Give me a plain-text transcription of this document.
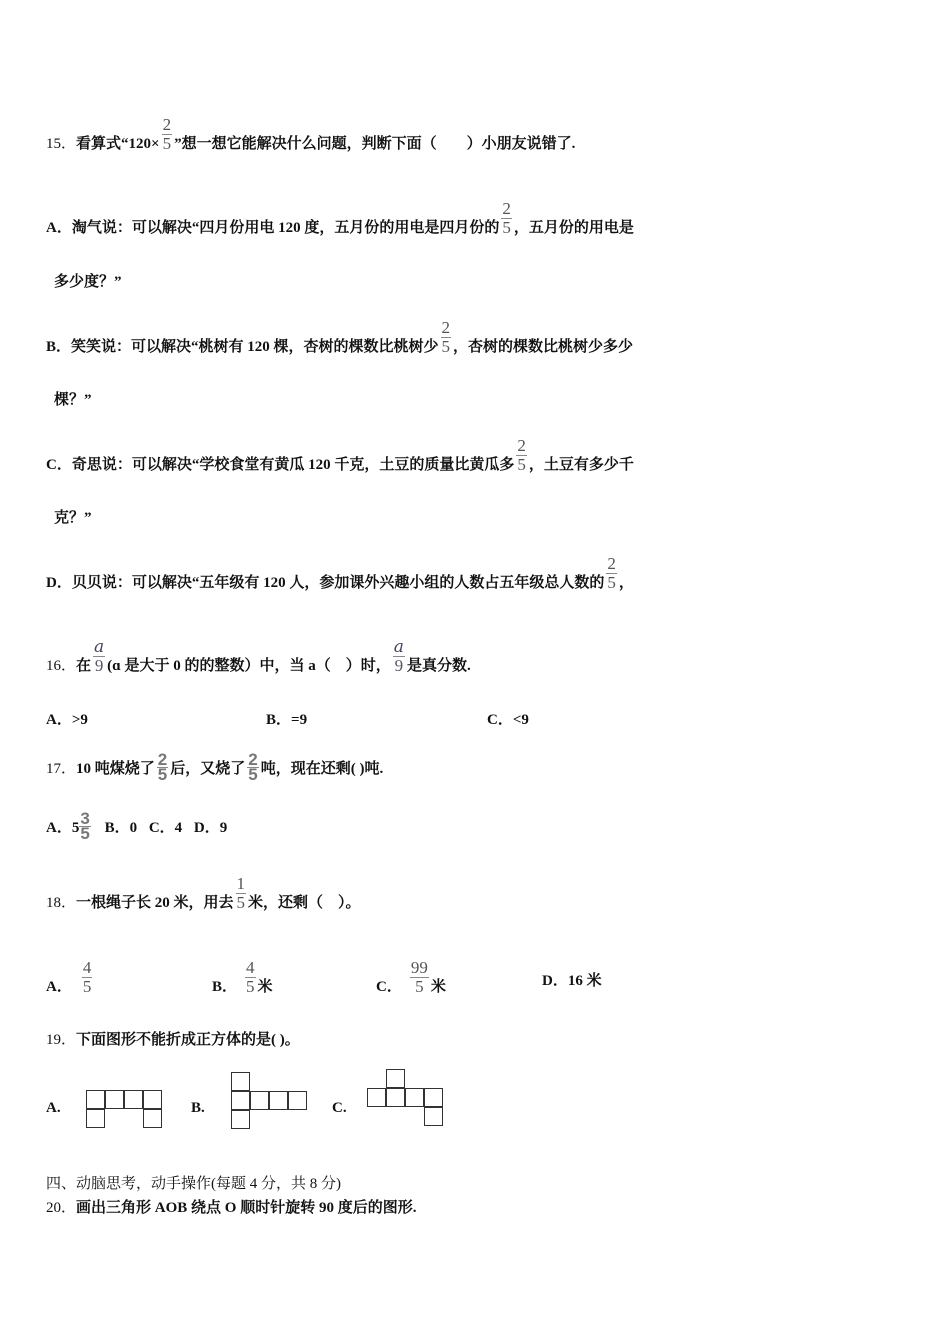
15．看算式“$120\times \frac{2}{5}$ ”想一想它能解决什么问题，判断下面（　　）小朋友说错了.
A．淘气说：可以解决“四月份用电 120 度，五月份的用电是四月份的 $\frac{2}{5}$ ，五月份的用电是
多少度？”
B．笑笑说：可以解决“桃树有 120 棵，杏树的棵数比桃树少 $\frac{2}{5}$ ，杏树的棵数比桃树少多少
棵？”
C．奇思说：可以解决“学校食堂有黄瓜 120 千克，土豆的质量比黄瓜多 $\frac{2}{5}$ ，土豆有多少千
克？”
D．贝贝说：可以解决“五年级有 120 人，参加课外兴趣小组的人数占五年级总人数的 $\frac{2}{5}$ ，
16．在 $\frac{a}{9}$ (ɑ 是大于 0 的的整数）中，当 a（　）时， $\frac{a}{9}$ 是真分数.
A．>9	B．=9	C．<9
17．10 吨煤烧了 $\frac{2}{5}$ 后，又烧了 $\frac{2}{5}$ 吨，现在还剩( )吨.
A．$5 \frac{3}{5}$ B．0 C．4 D．9
18．一根绳子长 20 米，用去 $\frac{1}{5}$ 米，还剩（　）。
A． $\frac{4}{5}$	B． $\frac{4}{5}$ 米	C． $\frac{99}{5}$ 米	D．16 米
19．下面图形不能折成正方体的是( )。
A.	B.	C.
四、动脑思考，动手操作(每题 4 分，共 8 分)
20．画出三角形 AOB 绕点 O 顺时针旋转 90 度后的图形.
